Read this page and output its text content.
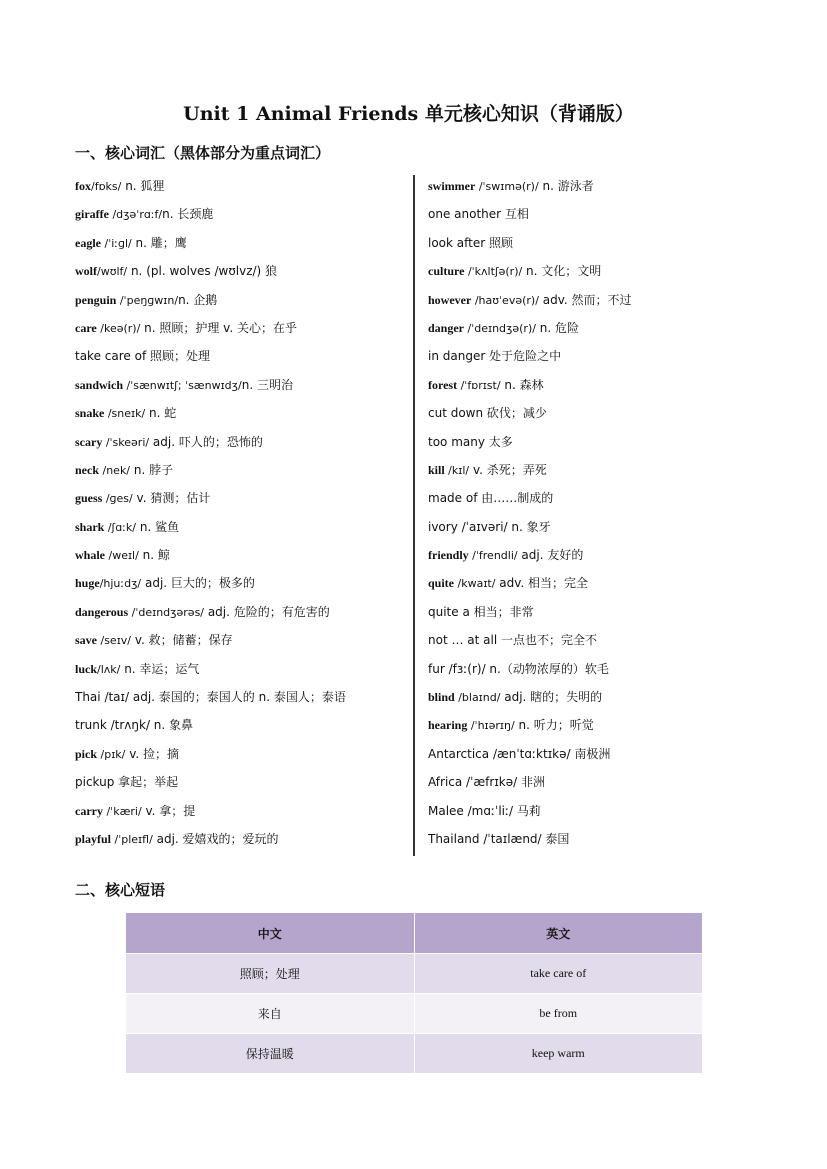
Unit 1 Animal Friends 单元核心知识（背诵版）
一、核心词汇（黑体部分为重点词汇）
fox/fɒks/ n. 狐狸
giraffe /dʒəˈrɑːf/n. 长颈鹿
eagle /ˈiːɡl/ n. 雕；鹰
wolf/wʊlf/ n. (pl. wolves /wʊlvz/) 狼
penguin /ˈpeŋɡwɪn/n. 企鹅
care /keə(r)/ n. 照顾；护理 v. 关心；在乎
take care of 照顾；处理
sandwich /ˈsænwɪtʃ; ˈsænwɪdʒ/n. 三明治
snake /sneɪk/ n. 蛇
scary /ˈskeəri/ adj. 吓人的；恐怖的
neck /nek/ n. 脖子
guess /ɡes/ v. 猜测；估计
shark /ʃɑːk/ n. 鲨鱼
whale /weɪl/ n. 鲸
huge/hjuːdʒ/ adj. 巨大的；极多的
dangerous /ˈdeɪndʒərəs/ adj. 危险的；有危害的
save /seɪv/ v. 救；储蓄；保存
luck/lʌk/ n. 幸运；运气
Thai /taɪ/ adj. 泰国的；泰国人的 n. 泰国人；泰语
trunk /trʌŋk/ n. 象鼻
pick /pɪk/ v. 捡；摘
pickup 拿起；举起
carry /ˈkæri/ v. 拿；提
playful /ˈpleɪfl/ adj. 爱嬉戏的；爱玩的
swimmer /ˈswɪmə(r)/ n. 游泳者
one another 互相
look after 照顾
culture /ˈkʌltʃə(r)/ n. 文化；文明
however /haʊˈevə(r)/ adv. 然而；不过
danger /ˈdeɪndʒə(r)/ n. 危险
in danger 处于危险之中
forest /ˈfɒrɪst/ n. 森林
cut down 砍伐；减少
too many 太多
kill /kɪl/ v. 杀死；弄死
made of 由……制成的
ivory /ˈaɪvəri/ n. 象牙
friendly /ˈfrendli/ adj. 友好的
quite /kwaɪt/ adv. 相当；完全
quite a 相当；非常
not … at all 一点也不；完全不
fur /fɜː(r)/ n.（动物浓厚的）软毛
blind /blaɪnd/ adj. 瞎的；失明的
hearing /ˈhɪərɪŋ/ n. 听力；听觉
Antarctica /ænˈtɑːktɪkə/ 南极洲
Africa /ˈæfrɪkə/ 非洲
Malee /mɑːˈliː/ 马莉
Thailand /ˈtaɪlænd/ 泰国
二、核心短语
中文	英文
照顾；处理	take care of
来自	be from
保持温暖	keep warm
